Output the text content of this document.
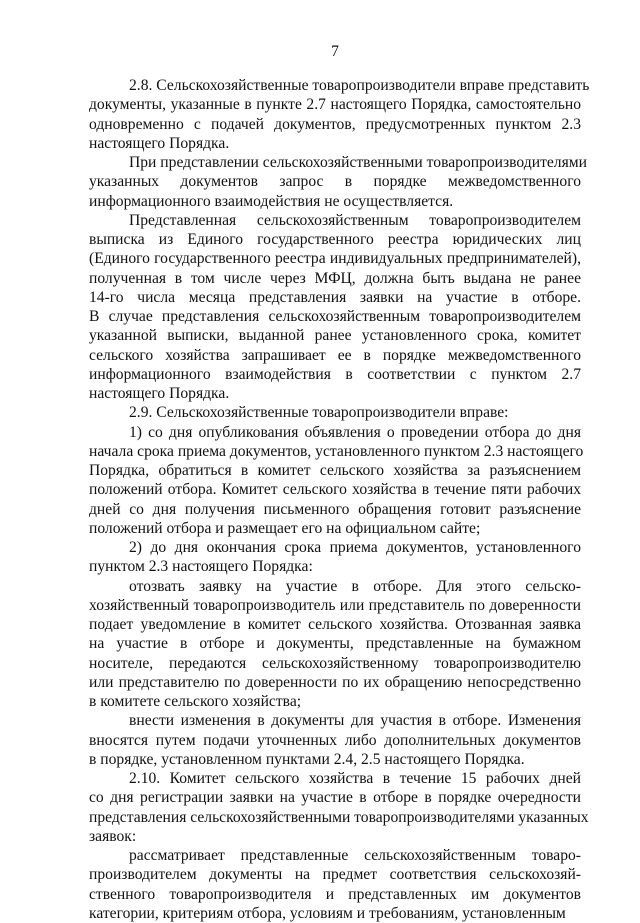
7
2.8. Сельскохозяйственные товаропроизводители вправе представить
документы, указанные в пункте 2.7 настоящего Порядка, самостоятельно
одновременно с подачей документов, предусмотренных пунктом 2.3
настоящего Порядка.
При представлении сельскохозяйственными товаропроизводителями
указанных документов запрос в порядке межведомственного
информационного взаимодействия не осуществляется.
Представленная сельскохозяйственным товаропроизводителем
выписка из Единого государственного реестра юридических лиц
(Единого государственного реестра индивидуальных предпринимателей),
полученная в том числе через МФЦ, должна быть выдана не ранее
14-го числа месяца представления заявки на участие в отборе.
В случае представления сельскохозяйственным товаропроизводителем
указанной выписки, выданной ранее установленного срока, комитет
сельского хозяйства запрашивает ее в порядке межведомственного
информационного взаимодействия в соответствии с пунктом 2.7
настоящего Порядка.
2.9. Сельскохозяйственные товаропроизводители вправе:
1) со дня опубликования объявления о проведении отбора до дня
начала срока приема документов, установленного пунктом 2.3 настоящего
Порядка, обратиться в комитет сельского хозяйства за разъяснением
положений отбора. Комитет сельского хозяйства в течение пяти рабочих
дней со дня получения письменного обращения готовит разъяснение
положений отбора и размещает его на официальном сайте;
2) до дня окончания срока приема документов, установленного
пунктом 2.3 настоящего Порядка:
отозвать заявку на участие в отборе. Для этого сельско-
хозяйственный товаропроизводитель или представитель по доверенности
подает уведомление в комитет сельского хозяйства. Отозванная заявка
на участие в отборе и документы, представленные на бумажном
носителе, передаются сельскохозяйственному товаропроизводителю
или представителю по доверенности по их обращению непосредственно
в комитете сельского хозяйства;
внести изменения в документы для участия в отборе. Изменения
вносятся путем подачи уточненных либо дополнительных документов
в порядке, установленном пунктами 2.4, 2.5 настоящего Порядка.
2.10. Комитет сельского хозяйства в течение 15 рабочих дней
со дня регистрации заявки на участие в отборе в порядке очередности
представления сельскохозяйственными товаропроизводителями указанных
заявок:
рассматривает представленные сельскохозяйственным товаро-
производителем документы на предмет соответствия сельскохозяй-
ственного товаропроизводителя и представленных им документов
категории, критериям отбора, условиям и требованиям, установленным
